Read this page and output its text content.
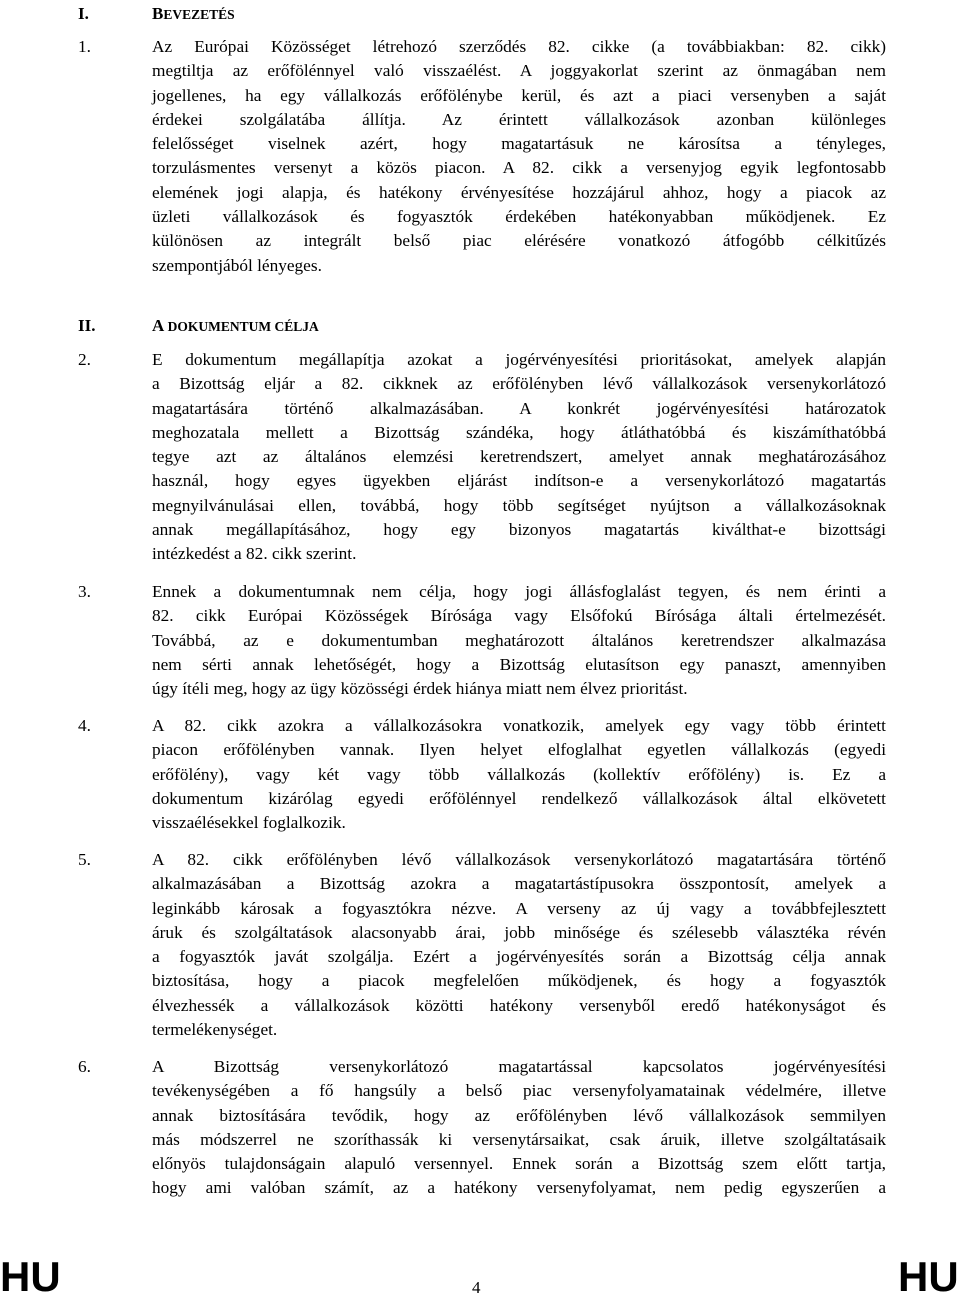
I.	BEVEZETÉS
1.	Az Európai Közösséget létrehozó szerződés 82. cikke (a továbbiakban: 82. cikk)
megtiltja az erőfölénnyel való visszaélést. A joggyakorlat szerint az önmagában nem
jogellenes, ha egy vállalkozás erőfölénybe kerül, és azt a piaci versenyben a saját
érdekei szolgálatába állítja. Az érintett vállalkozások azonban különleges
felelősséget viselnek azért, hogy magatartásuk ne károsítsa a tényleges,
torzulásmentes versenyt a közös piacon. A 82. cikk a versenyjog egyik legfontosabb
elemének jogi alapja, és hatékony érvényesítése hozzájárul ahhoz, hogy a piacok az
üzleti vállalkozások és fogyasztók érdekében hatékonyabban működjenek. Ez
különösen az integrált belső piac elérésére vonatkozó átfogóbb célkitűzés
szempontjából lényeges.
II.	A DOKUMENTUM CÉLJA
2.	E dokumentum megállapítja azokat a jogérvényesítési prioritásokat, amelyek alapján
a Bizottság eljár a 82. cikknek az erőfölényben lévő vállalkozások versenykorlátozó
magatartására történő alkalmazásában. A konkrét jogérvényesítési határozatok
meghozatala mellett a Bizottság szándéka, hogy átláthatóbbá és kiszámíthatóbbá
tegye azt az általános elemzési keretrendszert, amelyet annak meghatározásához
használ, hogy egyes ügyekben eljárást indítson-e a versenykorlátozó magatartás
megnyilvánulásai ellen, továbbá, hogy több segítséget nyújtson a vállalkozásoknak
annak megállapításához, hogy egy bizonyos magatartás kiválthat-e bizottsági
intézkedést a 82. cikk szerint.
3.	Ennek a dokumentumnak nem célja, hogy jogi állásfoglalást tegyen, és nem érinti a
82. cikk Európai Közösségek Bírósága vagy Elsőfokú Bírósága általi értelmezését.
Továbbá, az e dokumentumban meghatározott általános keretrendszer alkalmazása
nem sérti annak lehetőségét, hogy a Bizottság elutasítson egy panaszt, amennyiben
úgy ítéli meg, hogy az ügy közösségi érdek hiánya miatt nem élvez prioritást.
4.	A 82. cikk azokra a vállalkozásokra vonatkozik, amelyek egy vagy több érintett
piacon erőfölényben vannak. Ilyen helyet elfoglalhat egyetlen vállalkozás (egyedi
erőfölény), vagy két vagy több vállalkozás (kollektív erőfölény) is. Ez a
dokumentum kizárólag egyedi erőfölénnyel rendelkező vállalkozások által elkövetett
visszaélésekkel foglalkozik.
5.	A 82. cikk erőfölényben lévő vállalkozások versenykorlátozó magatartására történő
alkalmazásában a Bizottság azokra a magatartástípusokra összpontosít, amelyek a
leginkább károsak a fogyasztókra nézve. A verseny az új vagy a továbbfejlesztett
áruk és szolgáltatások alacsonyabb árai, jobb minősége és szélesebb választéka révén
a fogyasztók javát szolgálja. Ezért a jogérvényesítés során a Bizottság célja annak
biztosítása, hogy a piacok megfelelően működjenek, és hogy a fogyasztók
élvezhessék a vállalkozások közötti hatékony versenyből eredő hatékonyságot és
termelékenységet.
6.	A Bizottság versenykorlátozó magatartással kapcsolatos jogérvényesítési
tevékenységében a fő hangsúly a belső piac versenyfolyamatainak védelmére, illetve
annak biztosítására tevődik, hogy az erőfölényben lévő vállalkozások semmilyen
más módszerrel ne szoríthassák ki versenytársaikat, csak áruik, illetve szolgáltatásaik
előnyös tulajdonságain alapuló versennyel. Ennek során a Bizottság szem előtt tartja,
hogy ami valóban számít, az a hatékony versenyfolyamat, nem pedig egyszerűen a
HU	4	HU
